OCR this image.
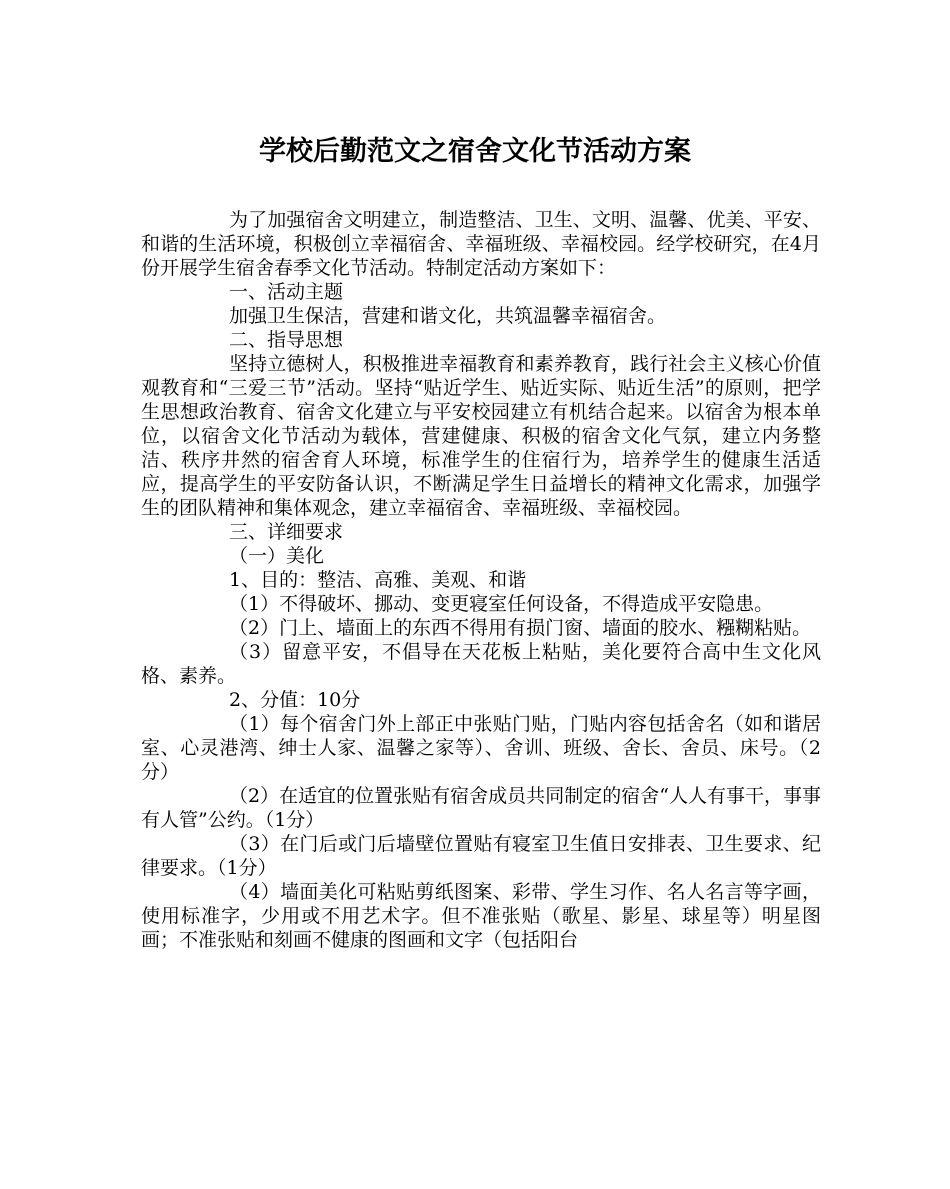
学校后勤范文之宿舍文化节活动方案

为了加强宿舍文明建立，制造整洁、卫生、文明、温馨、优美、平安、和谐的生活环境，积极创立幸福宿舍、幸福班级、幸福校园。经学校研究，在4月份开展学生宿舍春季文化节活动。特制定活动方案如下：

一、活动主题

加强卫生保洁，营建和谐文化，共筑温馨幸福宿舍。

二、指导思想

坚持立德树人，积极推进幸福教育和素养教育，践行社会主义核心价值观教育和“三爱三节”活动。坚持“贴近学生、贴近实际、贴近生活”的原则，把学生思想政治教育、宿舍文化建立与平安校园建立有机结合起来。以宿舍为根本单位，以宿舍文化节活动为载体，营建健康、积极的宿舍文化气氛，建立内务整洁、秩序井然的宿舍育人环境，标准学生的住宿行为，培养学生的健康生活适应，提高学生的平安防备认识，不断满足学生日益增长的精神文化需求，加强学生的团队精神和集体观念，建立幸福宿舍、幸福班级、幸福校园。

三、详细要求

（一）美化

1、目的：整洁、高雅、美观、和谐

（1）不得破坏、挪动、变更寝室任何设备，不得造成平安隐患。

（2）门上、墙面上的东西不得用有损门窗、墙面的胶水、糨糊粘贴。

（3）留意平安，不倡导在天花板上粘贴，美化要符合高中生文化风格、素养。

2、分值：10分

（1）每个宿舍门外上部正中张贴门贴，门贴内容包括舍名（如和谐居室、心灵港湾、绅士人家、温馨之家等）、舍训、班级、舍长、舍员、床号。（2分）

（2）在适宜的位置张贴有宿舍成员共同制定的宿舍“人人有事干，事事有人管”公约。（1分）

（3）在门后或门后墙壁位置贴有寝室卫生值日安排表、卫生要求、纪律要求。（1分）

（4）墙面美化可粘贴剪纸图案、彩带、学生习作、名人名言等字画，使用标准字，少用或不用艺术字。但不准张贴（歌星、影星、球星等）明星图画；不准张贴和刻画不健康的图画和文字（包括阳台
